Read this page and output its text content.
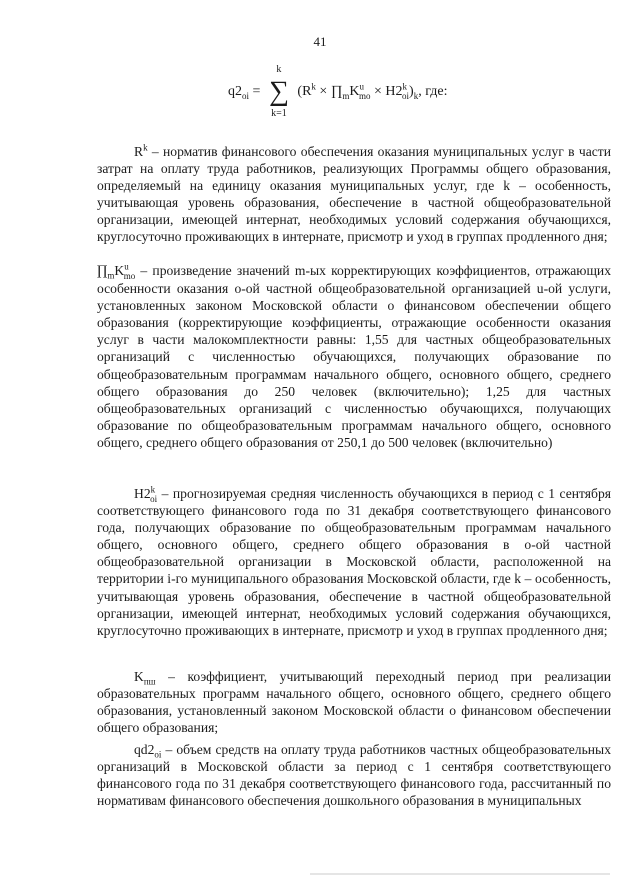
41
$q2_{oi}$ =
k
∑
k=1
($R^k$ × $\prod_mK^u_{mo} \times H2^k_{oi})_k$, где:

$R^k$ – норматив финансового обеспечения оказания муниципальных услуг в части затрат на оплату труда работников, реализующих Программы общего образования, определяемый на единицу оказания муниципальных услуг, где k – особенность, учитывающая уровень образования, обеспечение в частной общеобразовательной организации, имеющей интернат, необходимых условий содержания обучающихся, круглосуточно проживающих в интернате, присмотр и уход в группах продленного дня;

$\prod_mK^u_{mo}$ – произведение значений m-ых корректирующих коэффициентов, отражающих особенности оказания о-ой частной общеобразовательной организацией u-ой услуги, установленных законом Московской области о финансовом обеспечении общего образования (корректирующие коэффициенты, отражающие особенности оказания услуг в части малокомплектности равны: 1,55 для частных общеобразовательных организаций с численностью обучающихся, получающих образование по общеобразовательным программам начального общего, основного общего, среднего общего образования до 250 человек (включительно); 1,25 для частных общеобразовательных организаций с численностью обучающихся, получающих образование по общеобразовательным программам начального общего, основного общего, среднего общего образования от 250,1 до 500 человек (включительно)

$H2^k_{oi}$ – прогнозируемая средняя численность обучающихся в период с 1 сентября соответствующего финансового года по 31 декабря соответствующего финансового года, получающих образование по общеобразовательным программам начального общего, основного общего, среднего общего образования в о-ой частной общеобразовательной организации в Московской области, расположенной на территории i-го муниципального образования Московской области, где k – особенность, учитывающая уровень образования, обеспечение в частной общеобразовательной организации, имеющей интернат, необходимых условий содержания обучающихся, круглосуточно проживающих в интернате, присмотр и уход в группах продленного дня;

$K_{пш}$ – коэффициент, учитывающий переходный период при реализации образовательных программ начального общего, основного общего, среднего общего образования, установленный законом Московской области о финансовом обеспечении общего образования;

$qd2_{oi}$ – объем средств на оплату труда работников частных общеобразовательных организаций в Московской области за период с 1 сентября соответствующего финансового года по 31 декабря соответствующего финансового года, рассчитанный по нормативам финансового обеспечения дошкольного образования в муниципальных
